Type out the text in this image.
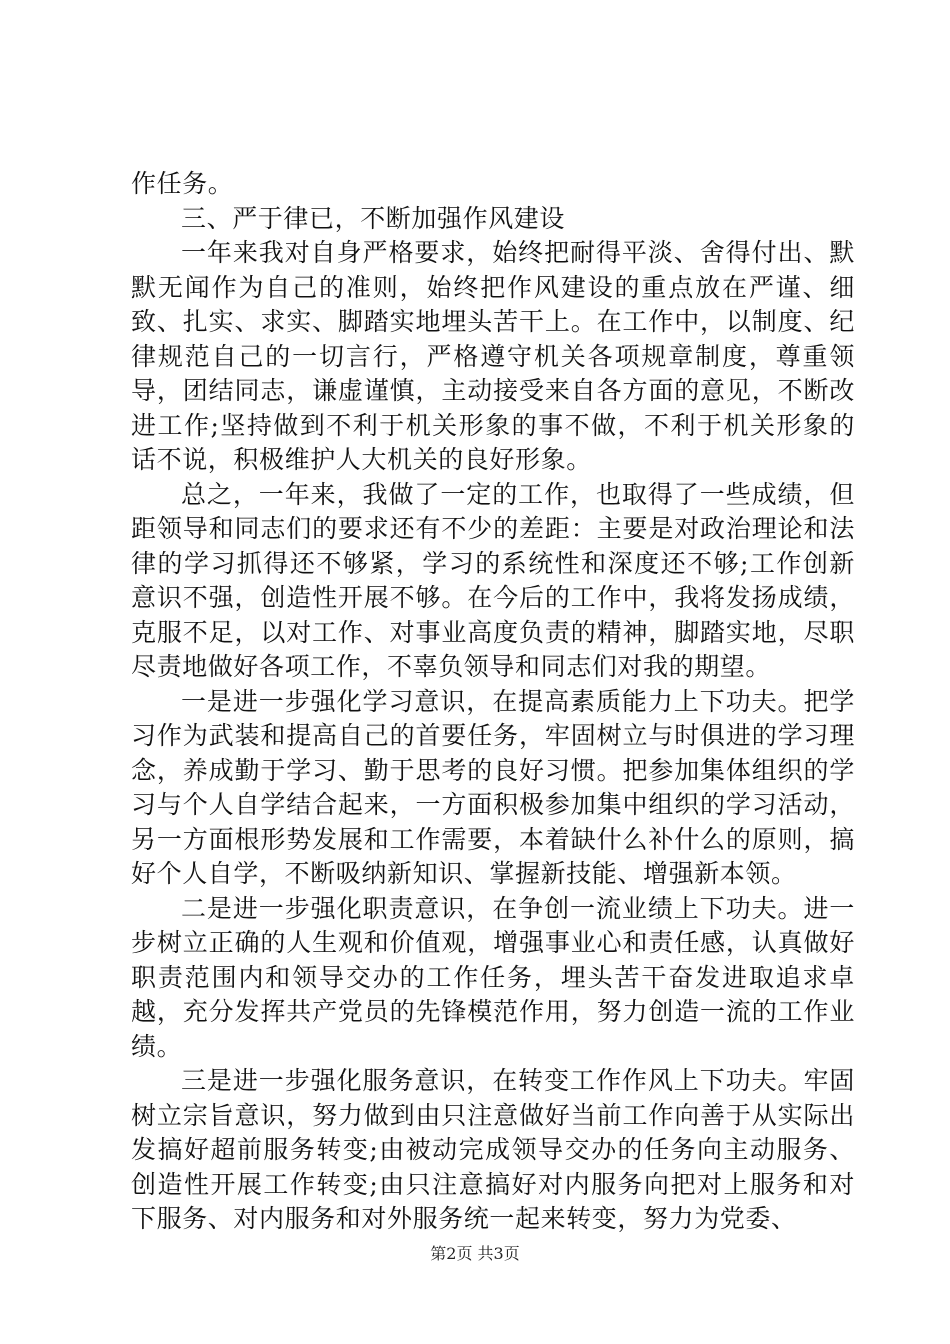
作任务。

三、严于律已，不断加强作风建设

一年来我对自身严格要求，始终把耐得平淡、舍得付出、默默无闻作为自己的准则，始终把作风建设的重点放在严谨、细致、扎实、求实、脚踏实地埋头苦干上。在工作中，以制度、纪律规范自己的一切言行，严格遵守机关各项规章制度，尊重领导，团结同志，谦虚谨慎，主动接受来自各方面的意见，不断改进工作;坚持做到不利于机关形象的事不做，不利于机关形象的话不说，积极维护人大机关的良好形象。

总之，一年来，我做了一定的工作，也取得了一些成绩，但距领导和同志们的要求还有不少的差距：主要是对政治理论和法律的学习抓得还不够紧，学习的系统性和深度还不够;工作创新意识不强，创造性开展不够。在今后的工作中，我将发扬成绩，克服不足，以对工作、对事业高度负责的精神，脚踏实地，尽职尽责地做好各项工作，不辜负领导和同志们对我的期望。

一是进一步强化学习意识，在提高素质能力上下功夫。把学习作为武装和提高自己的首要任务，牢固树立与时俱进的学习理念，养成勤于学习、勤于思考的良好习惯。把参加集体组织的学习与个人自学结合起来，一方面积极参加集中组织的学习活动，另一方面根形势发展和工作需要，本着缺什么补什么的原则，搞好个人自学，不断吸纳新知识、掌握新技能、增强新本领。

二是进一步强化职责意识，在争创一流业绩上下功夫。进一步树立正确的人生观和价值观，增强事业心和责任感，认真做好职责范围内和领导交办的工作任务，埋头苦干奋发进取追求卓越，充分发挥共产党员的先锋模范作用，努力创造一流的工作业绩。

三是进一步强化服务意识，在转变工作作风上下功夫。牢固树立宗旨意识，努力做到由只注意做好当前工作向善于从实际出发搞好超前服务转变;由被动完成领导交办的任务向主动服务、创造性开展工作转变;由只注意搞好对内服务向把对上服务和对下服务、对内服务和对外服务统一起来转变，努力为党委、

第2页 共3页
